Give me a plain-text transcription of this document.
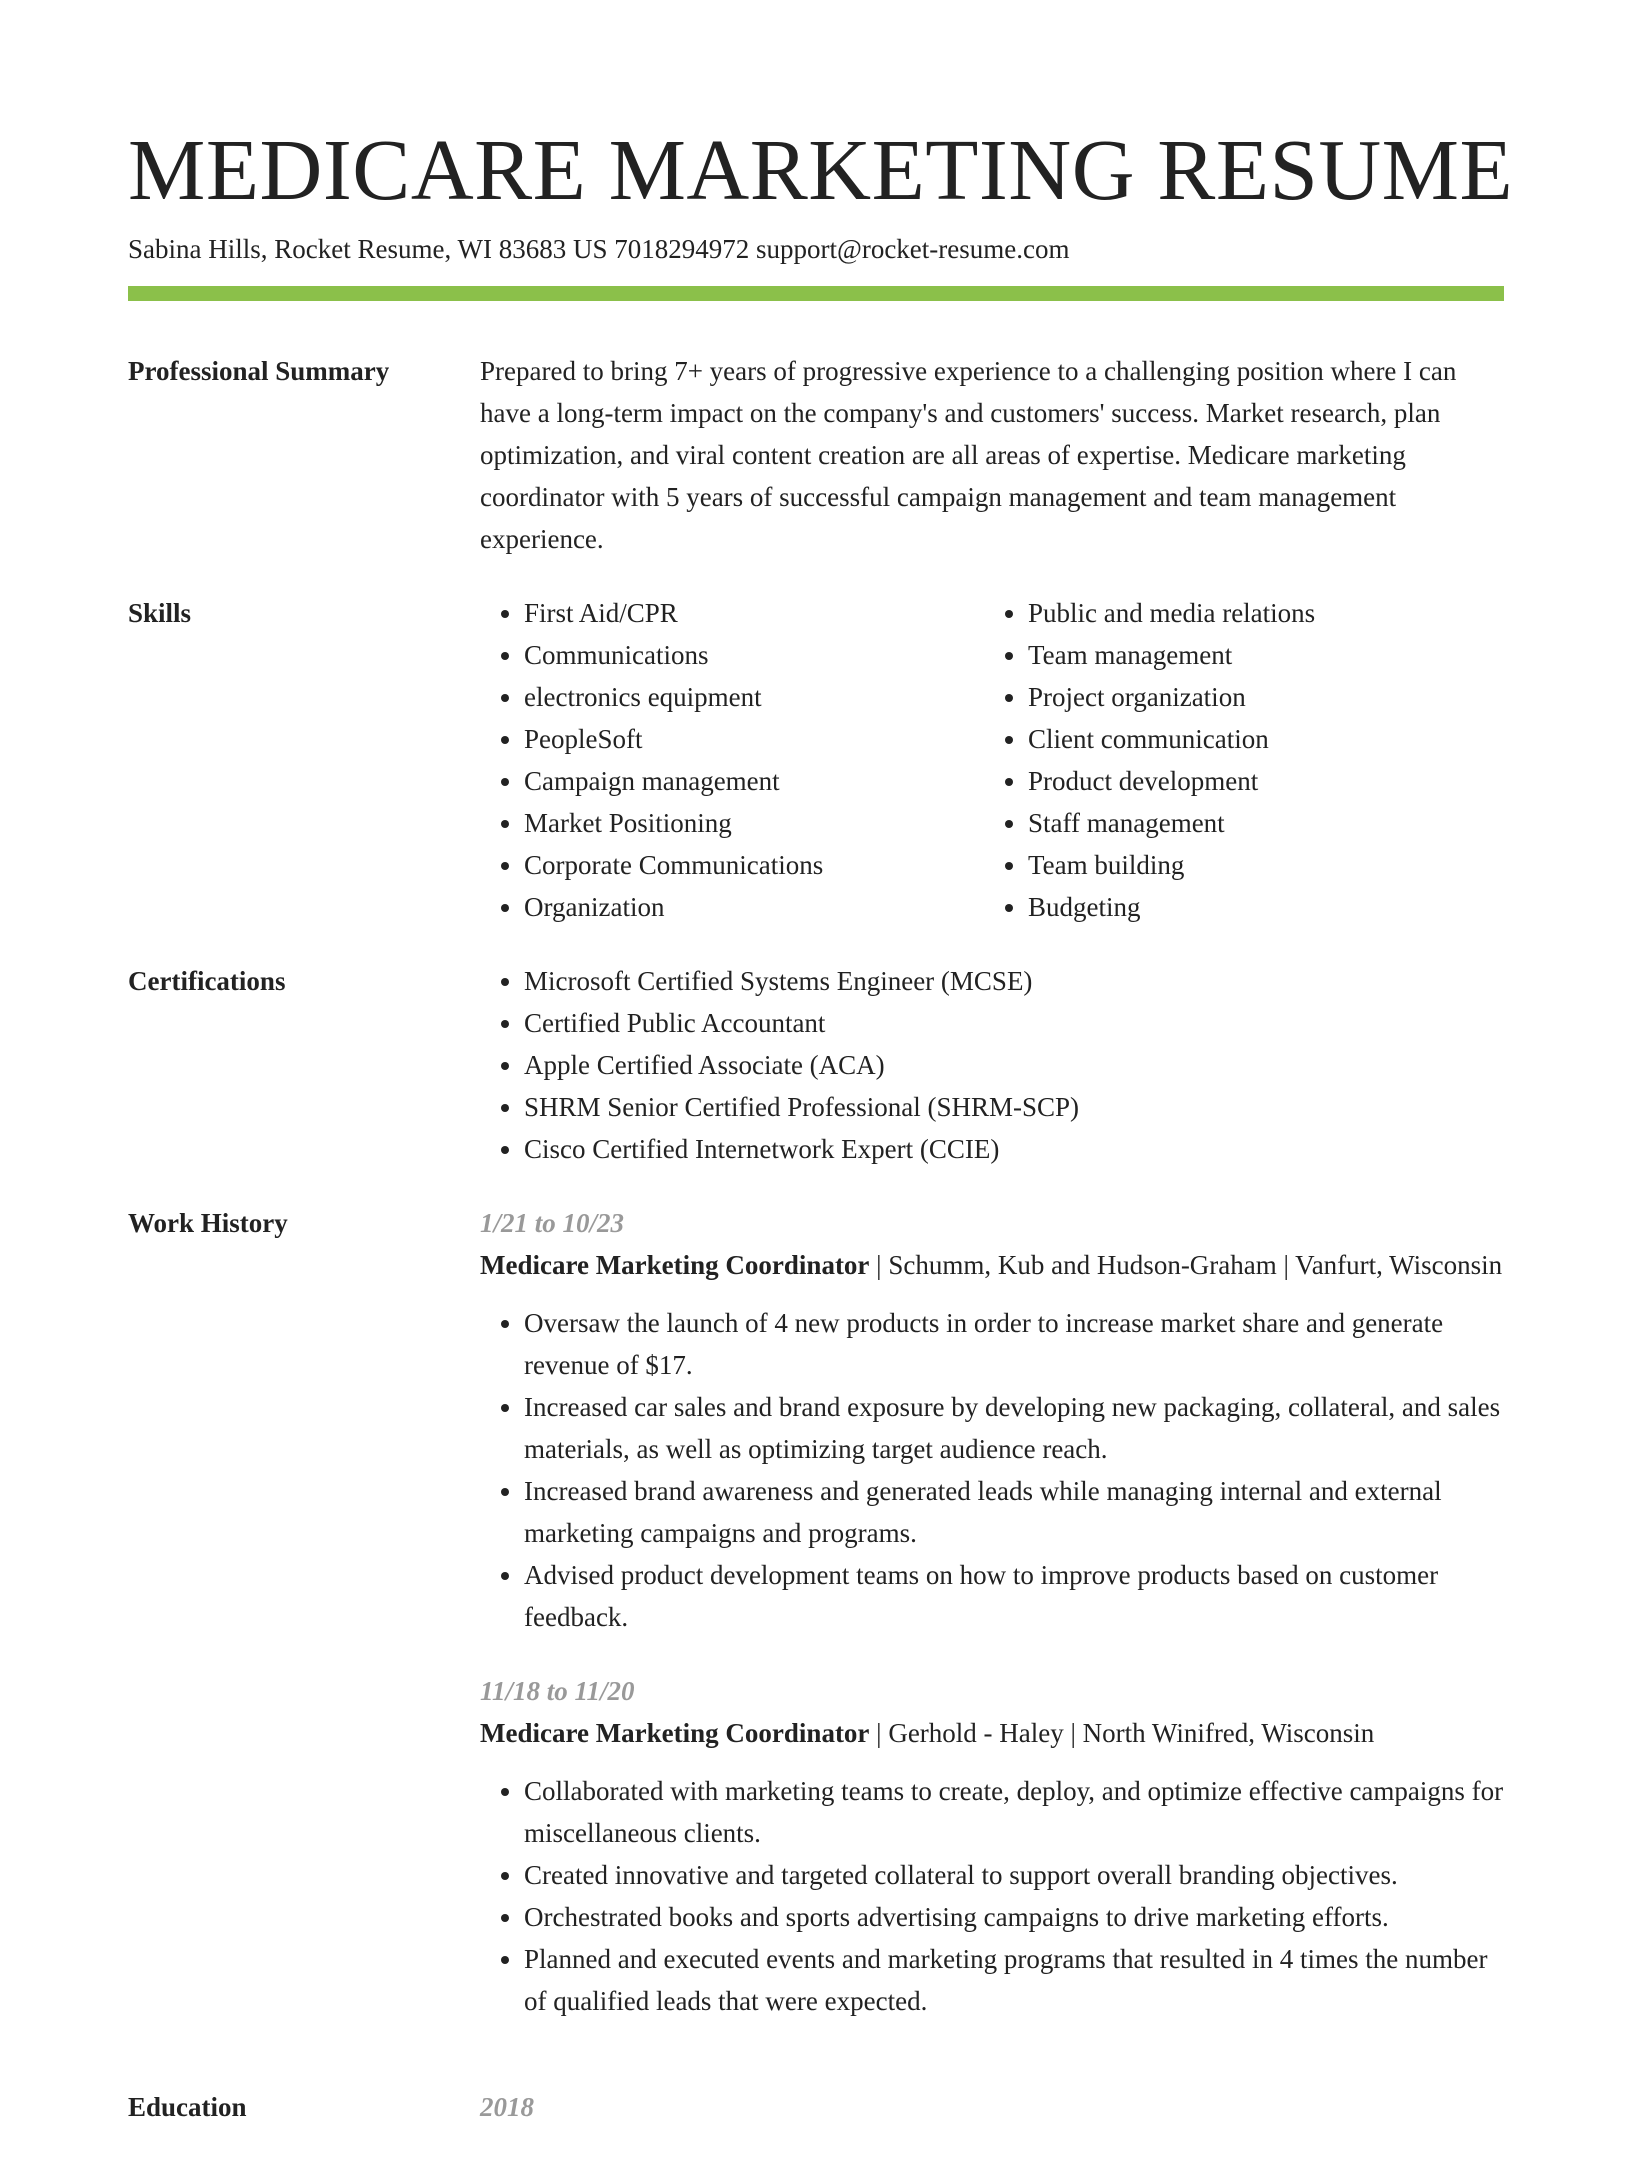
MEDICARE MARKETING RESUME
Sabina Hills, Rocket Resume, WI 83683 US 7018294972 support@rocket-resume.com
Professional Summary	Prepared to bring 7+ years of progressive experience to a challenging position where I can have a long-term impact on the company's and customers' success. Market research, plan optimization, and viral content creation are all areas of expertise. Medicare marketing coordinator with 5 years of successful campaign management and team management experience.

Skills	• First Aid/CPR
• Communications
• electronics equipment
• PeopleSoft
• Campaign management
• Market Positioning
• Corporate Communications
• Organization
• Public and media relations
• Team management
• Project organization
• Client communication
• Product development
• Staff management
• Team building
• Budgeting
Certifications	• Microsoft Certified Systems Engineer (MCSE)
• Certified Public Accountant
• Apple Certified Associate (ACA)
• SHRM Senior Certified Professional (SHRM-SCP)
• Cisco Certified Internetwork Expert (CCIE)
Work History	1/21 to 10/23
Medicare Marketing Coordinator | Schumm, Kub and Hudson-Graham | Vanfurt, Wisconsin
• Oversaw the launch of 4 new products in order to increase market share and generate revenue of $17.
• Increased car sales and brand exposure by developing new packaging, collateral, and sales materials, as well as optimizing target audience reach.
• Increased brand awareness and generated leads while managing internal and external marketing campaigns and programs.
• Advised product development teams on how to improve products based on customer feedback.
11/18 to 11/20
Medicare Marketing Coordinator | Gerhold - Haley | North Winifred, Wisconsin
• Collaborated with marketing teams to create, deploy, and optimize effective campaigns for miscellaneous clients.
• Created innovative and targeted collateral to support overall branding objectives.
• Orchestrated books and sports advertising campaigns to drive marketing efforts.
• Planned and executed events and marketing programs that resulted in 4 times the number of qualified leads that were expected.
Education	2018
